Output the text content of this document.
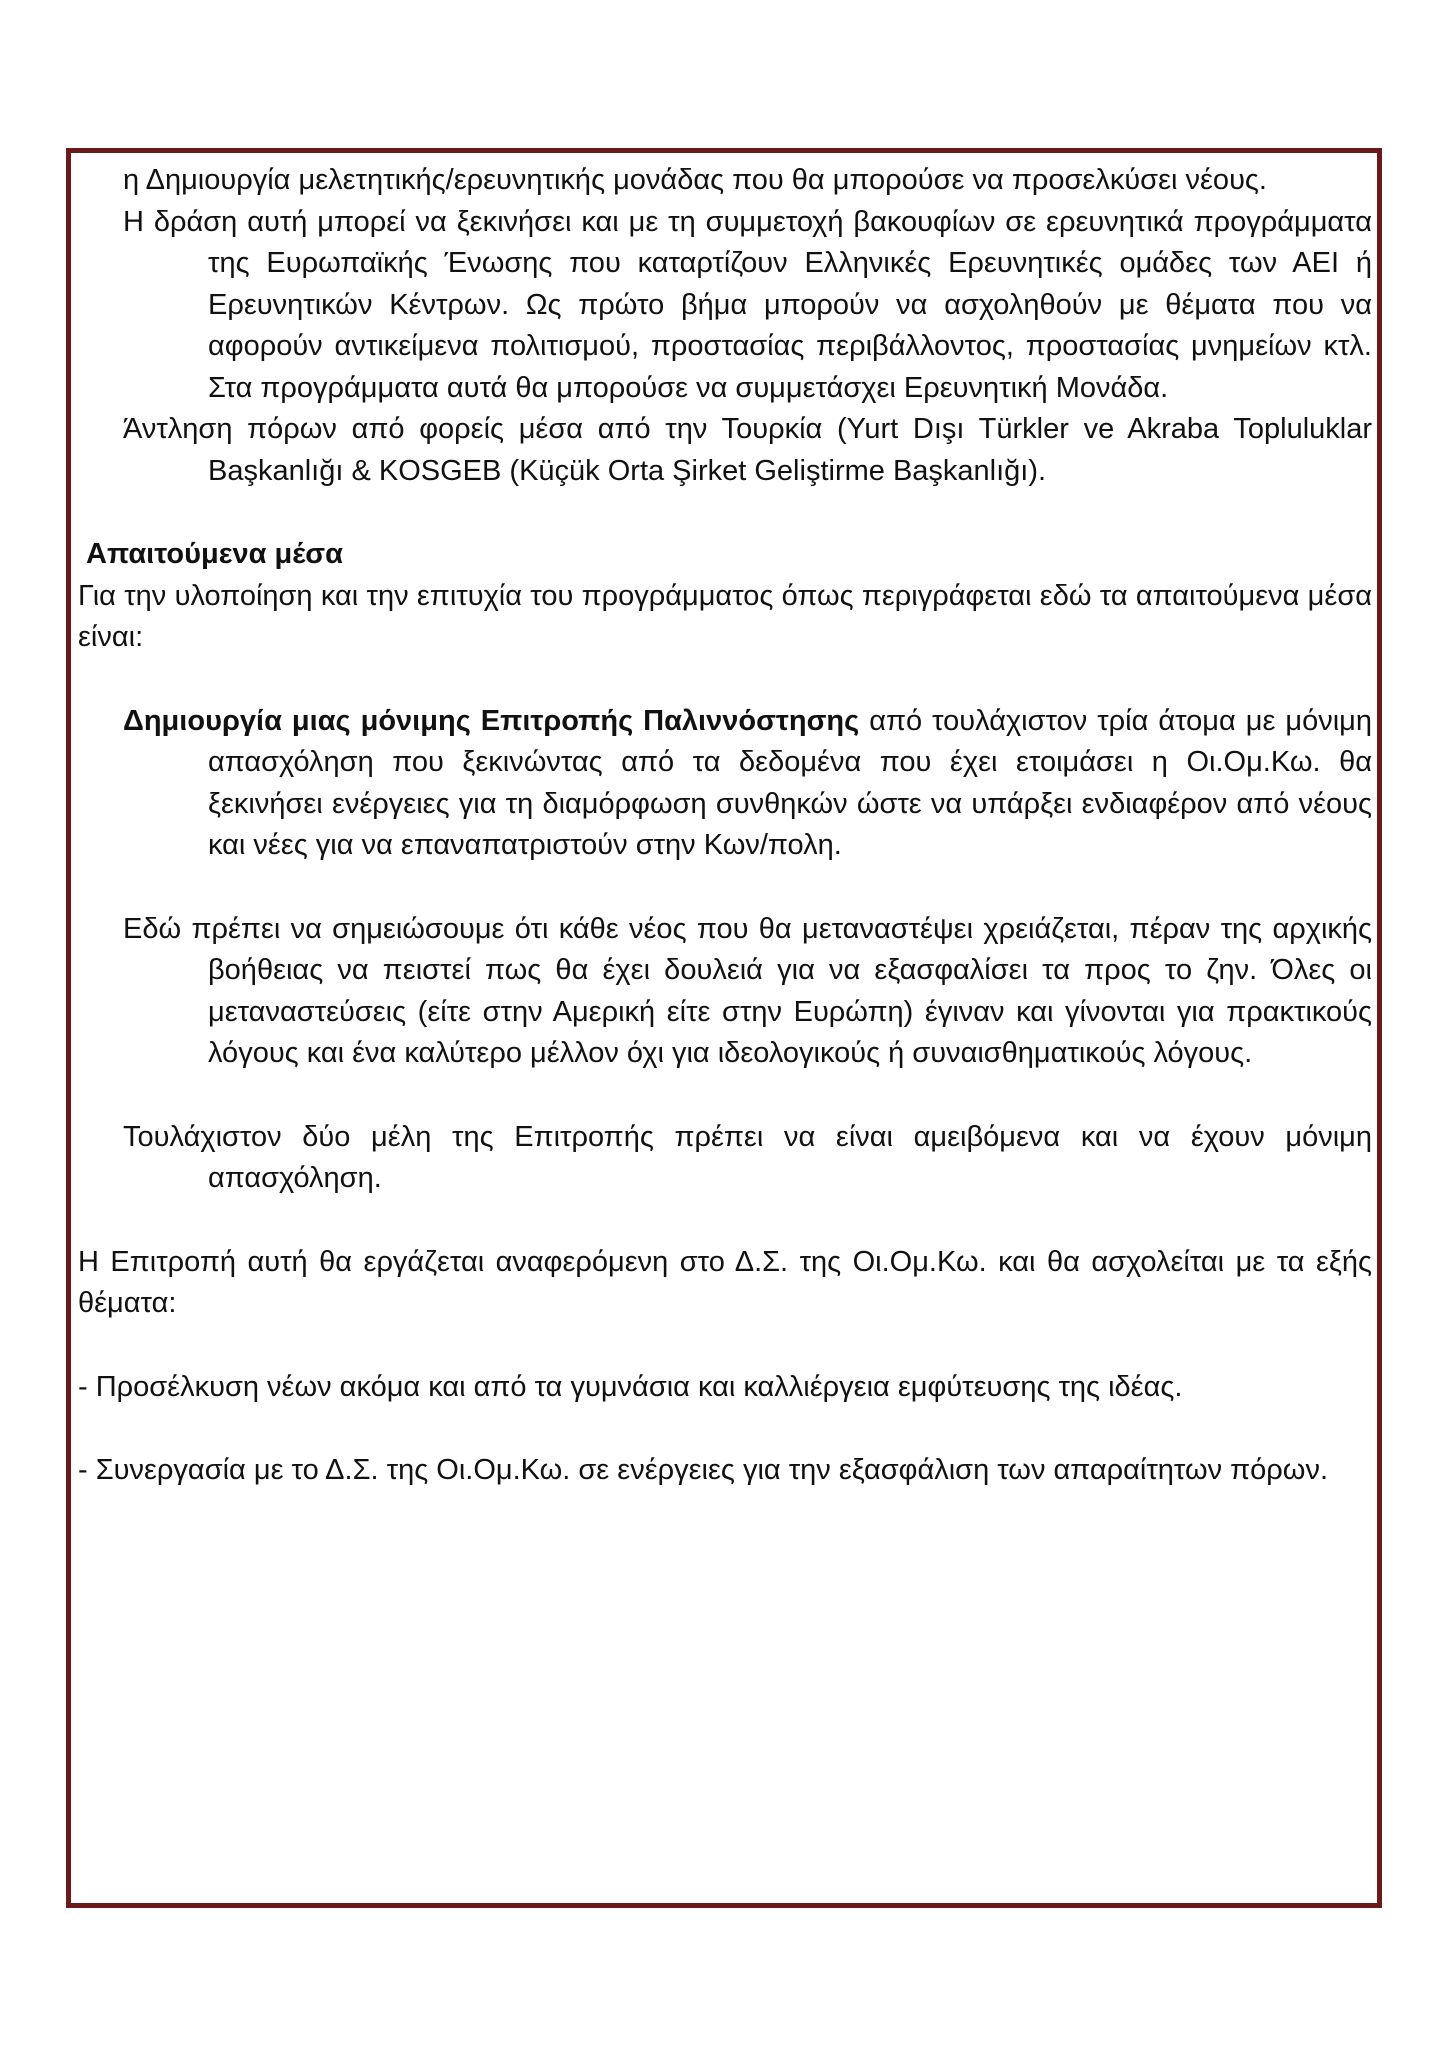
η Δημιουργία μελετητικής/ερευνητικής μονάδας που θα μπορούσε να προσελκύσει νέους.

Η δράση αυτή μπορεί να ξεκινήσει και με τη συμμετοχή βακουφίων σε ερευνητικά προγράμματα της Ευρωπαϊκής Ένωσης που καταρτίζουν Ελληνικές Ερευνητικές ομάδες των ΑΕΙ ή Ερευνητικών Κέντρων. Ως πρώτο βήμα μπορούν να ασχοληθούν με θέματα που να αφορούν αντικείμενα πολιτισμού, προστασίας περιβάλλοντος, προστασίας μνημείων κτλ. Στα προγράμματα αυτά θα μπορούσε να συμμετάσχει Ερευνητική Μονάδα.

Άντληση πόρων από φορείς μέσα από την Τουρκία (Yurt Dışı Türkler ve Akraba Topluluklar Başkanlığı & KOSGEB (Küçük Orta Şirket Geliştirme Başkanlığı).

Απαιτούμενα μέσα

Για την υλοποίηση και την επιτυχία του προγράμματος όπως περιγράφεται εδώ τα απαιτούμενα μέσα είναι:

Δημιουργία μιας μόνιμης Επιτροπής Παλιννόστησης από τουλάχιστον τρία άτομα με μόνιμη απασχόληση που ξεκινώντας από τα δεδομένα που έχει ετοιμάσει η Οι.Ομ.Κω. θα ξεκινήσει ενέργειες για τη διαμόρφωση συνθηκών ώστε να υπάρξει ενδιαφέρον από νέους και νέες για να επαναπατριστούν στην Κων/πολη.

Εδώ πρέπει να σημειώσουμε ότι κάθε νέος που θα μεταναστέψει χρειάζεται, πέραν της αρχικής βοήθειας να πειστεί πως θα έχει δουλειά για να εξασφαλίσει τα προς το ζην. Όλες οι μεταναστεύσεις (είτε στην Αμερική είτε στην Ευρώπη) έγιναν και γίνονται για πρακτικούς λόγους και ένα καλύτερο μέλλον όχι για ιδεολογικούς ή συναισθηματικούς λόγους.

Τουλάχιστον δύο μέλη της Επιτροπής πρέπει να είναι αμειβόμενα και να έχουν μόνιμη απασχόληση.

Η Επιτροπή αυτή θα εργάζεται αναφερόμενη στο Δ.Σ. της Οι.Ομ.Κω. και θα ασχολείται με τα εξής θέματα:

- Προσέλκυση νέων ακόμα και από τα γυμνάσια και καλλιέργεια εμφύτευσης της ιδέας.

- Συνεργασία με το Δ.Σ. της Οι.Ομ.Κω. σε ενέργειες για την εξασφάλιση των απαραίτητων πόρων.
